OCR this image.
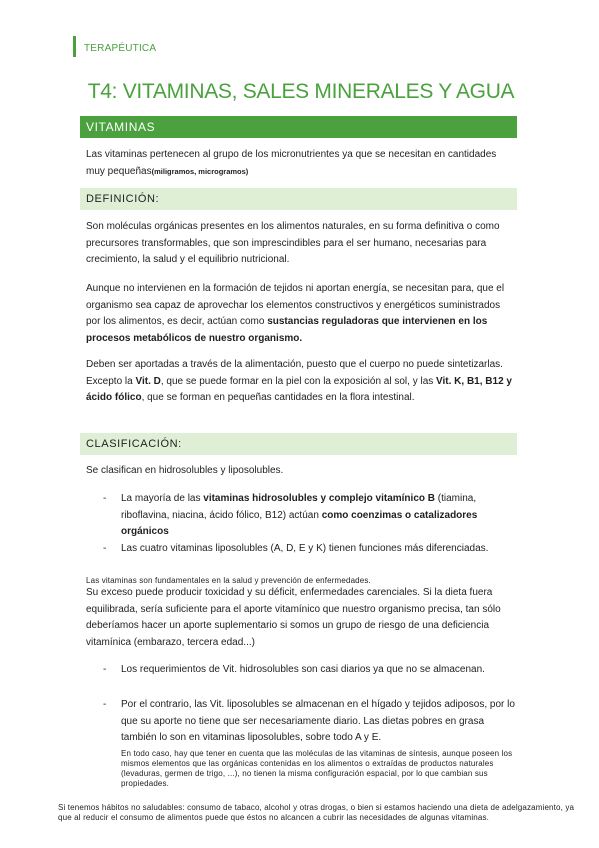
TERAPÉUTICA
T4: VITAMINAS, SALES MINERALES Y AGUA
VITAMINAS

Las vitaminas pertenecen al grupo de los micronutrientes ya que se necesitan en cantidades muy pequeñas(miligramos, microgramos)

DEFINICIÓN:

Son moléculas orgánicas presentes en los alimentos naturales, en su forma definitiva o como precursores transformables, que son imprescindibles para el ser humano, necesarias para crecimiento, la salud y el equilibrio nutricional.

Aunque no intervienen en la formación de tejidos ni aportan energía, se necesitan para, que el organismo sea capaz de aprovechar los elementos constructivos y energéticos suministrados por los alimentos, es decir, actúan como sustancias reguladoras que intervienen en los procesos metabólicos de nuestro organismo.

Deben ser aportadas a través de la alimentación, puesto que el cuerpo no puede sintetizarlas. Excepto la Vit. D, que se puede formar en la piel con la exposición al sol, y las Vit. K, B1, B12 y ácido fólico, que se forman en pequeñas cantidades en la flora intestinal.

CLASIFICACIÓN:

Se clasifican en hidrosolubles y liposolubles.

- La mayoría de las vitaminas hidrosolubles y complejo vitamínico B (tiamina, riboflavina, niacina, ácido fólico, B12) actúan como coenzimas o catalizadores orgánicos
- Las cuatro vitaminas liposolubles (A, D, E y K) tienen funciones más diferenciadas.
Las vitaminas son fundamentales en la salud y prevención de enfermedades.

Su exceso puede producir toxicidad y su déficit, enfermedades carenciales. Si la dieta fuera equilibrada, sería suficiente para el aporte vitamínico que nuestro organismo precisa, tan sólo deberíamos hacer un aporte suplementario si somos un grupo de riesgo de una deficiencia vitamínica (embarazo, tercera edad...)

- Los requerimientos de Vit. hidrosolubles son casi diarios ya que no se almacenan.
- Por el contrario, las Vit. liposolubles se almacenan en el hígado y tejidos adiposos, por lo que su aporte no tiene que ser necesariamente diario. Las dietas pobres en grasa también lo son en vitaminas liposolubles, sobre todo A y E.
En todo caso, hay que tener en cuenta que las moléculas de las vitaminas de síntesis, aunque poseen los mismos elementos que las orgánicas contenidas en los alimentos o extraídas de productos naturales (levaduras, germen de trigo, ...), no tienen la misma configuración espacial, por lo que cambian sus propiedades.
Si tenemos hábitos no saludables: consumo de tabaco, alcohol y otras drogas, o bien si estamos haciendo una dieta de adelgazamiento, ya que al reducir el consumo de alimentos puede que éstos no alcancen a cubrir las necesidades de algunas vitaminas.
